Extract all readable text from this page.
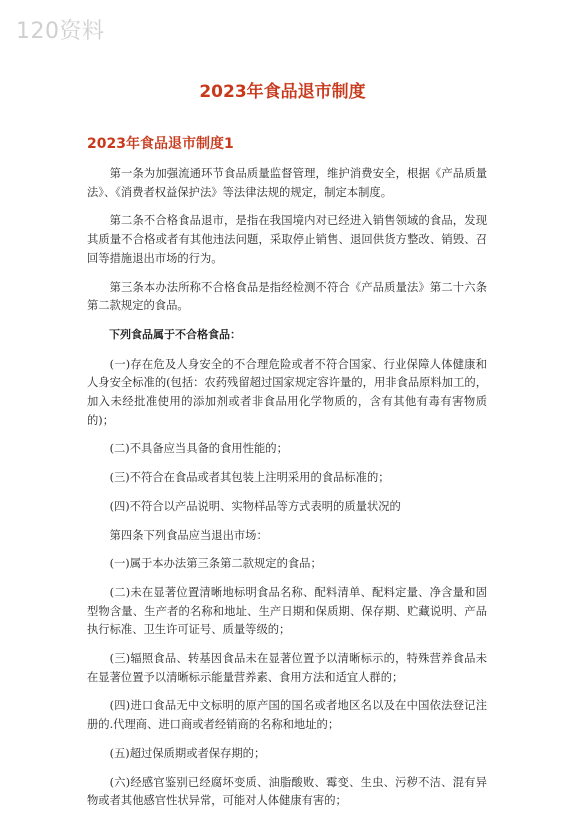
120资料
2023年食品退市制度
2023年食品退市制度1

第一条为加强流通环节食品质量监督管理，维护消费安全，根据《产品质量法》、《消费者权益保护法》等法律法规的规定，制定本制度。

第二条不合格食品退市，是指在我国境内对已经进入销售领域的食品，发现其质量不合格或者有其他违法问题，采取停止销售、退回供货方整改、销毁、召回等措施退出市场的行为。

第三条本办法所称不合格食品是指经检测不符合《产品质量法》第二十六条第二款规定的食品。

下列食品属于不合格食品：

(一)存在危及人身安全的不合理危险或者不符合国家、行业保障人体健康和人身安全标准的(包括：农药残留超过国家规定容许量的，用非食品原料加工的，加入未经批准使用的添加剂或者非食品用化学物质的，含有其他有毒有害物质的)；

(二)不具备应当具备的食用性能的；

(三)不符合在食品或者其包装上注明采用的食品标准的；

(四)不符合以产品说明、实物样品等方式表明的质量状况的

第四条下列食品应当退出市场：

(一)属于本办法第三条第二款规定的食品；

(二)未在显著位置清晰地标明食品名称、配料清单、配料定量、净含量和固型物含量、生产者的名称和地址、生产日期和保质期、保存期、贮藏说明、产品执行标准、卫生许可证号、质量等级的；

(三)辐照食品、转基因食品未在显著位置予以清晰标示的，特殊营养食品未在显著位置予以清晰标示能量营养素、食用方法和适宜人群的；

(四)进口食品无中文标明的原产国的国名或者地区名以及在中国依法登记注册的.代理商、进口商或者经销商的名称和地址的；

(五)超过保质期或者保存期的；

(六)经感官鉴别已经腐坏变质、油脂酸败、霉变、生虫、污秽不洁、混有异物或者其他感官性状异常，可能对人体健康有害的；
